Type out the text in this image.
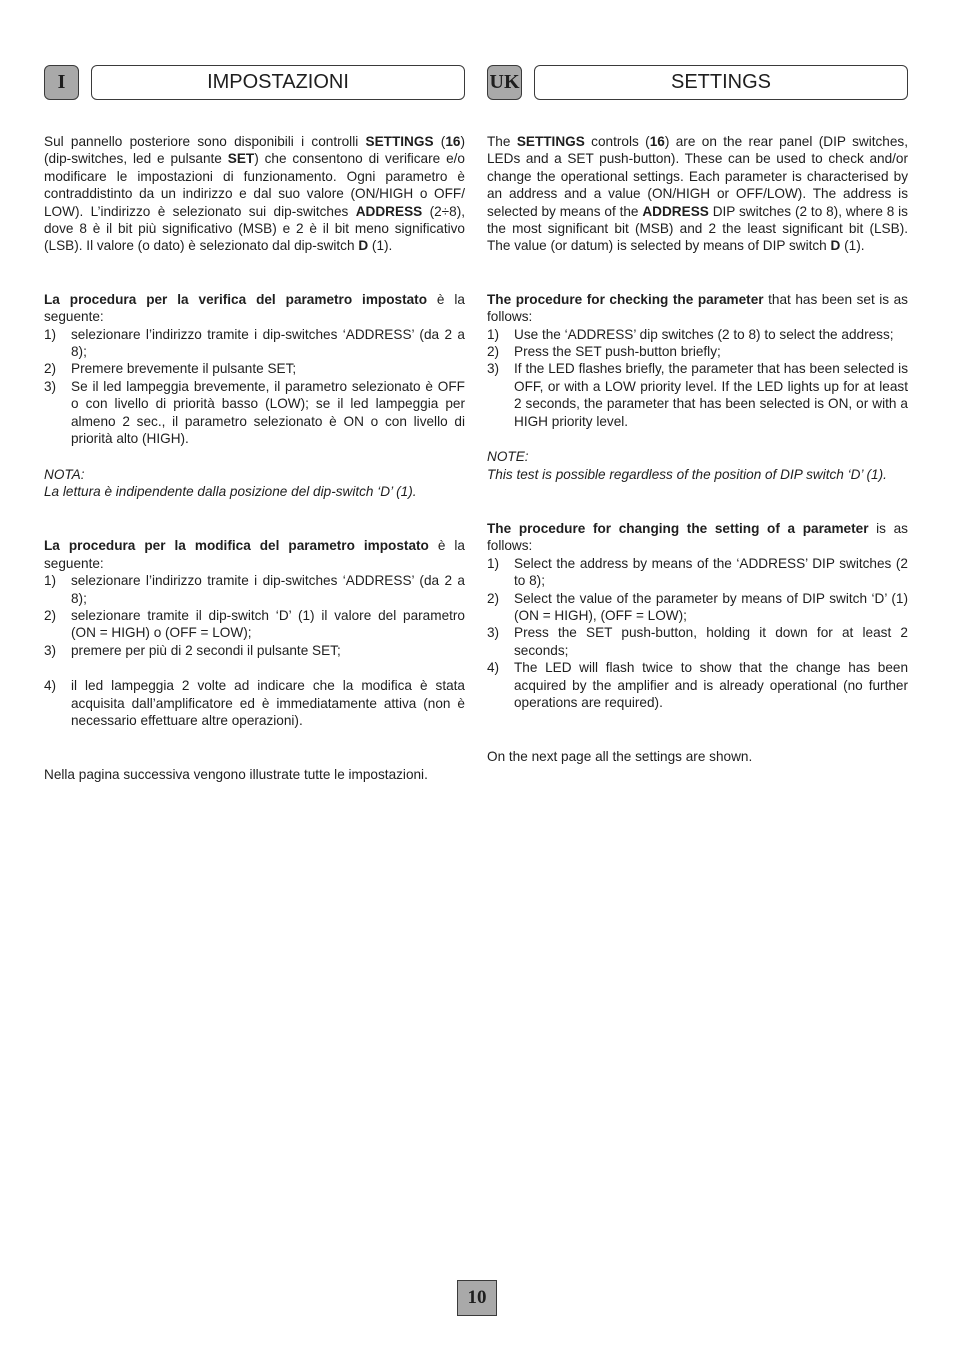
I	IMPOSTAZIONI

Sul pannello posteriore sono disponibili i controlli SETTINGS (16) (dip-switches, led e pulsante SET) che consentono di verificare e/o modificare le impostazioni di funzionamento. Ogni parametro è contraddistinto da un indirizzo e dal suo valore (ON/HIGH o OFF/ LOW). L’indirizzo è selezionato sui dip-switches ADDRESS (2÷8), dove 8 è il bit più significativo (MSB) e 2 è il bit meno significativo (LSB). Il valore (o dato) è selezionato dal dip-switch D (1).

La procedura per la verifica del parametro impostato è la seguente:

1) selezionare l’indirizzo tramite i dip-switches ‘ADDRESS’ (da 2 a 8);
2) Premere brevemente il pulsante SET;
3) Se il led lampeggia brevemente, il parametro selezionato è OFF o con livello di priorità basso (LOW); se il led lampeggia per almeno 2 sec., il parametro selezionato è ON o con livello di priorità alto (HIGH).

NOTA:

La lettura è indipendente dalla posizione del dip-switch ‘D’ (1).

La procedura per la modifica del parametro impostato è la seguente:

1) selezionare l’indirizzo tramite i dip-switches ‘ADDRESS’ (da 2 a 8);
2) selezionare tramite il dip-switch ‘D’ (1) il valore del parametro (ON = HIGH) o (OFF = LOW);
3) premere per più di 2 secondi il pulsante SET;
4) il led lampeggia 2 volte ad indicare che la modifica è stata acquisita dall’amplificatore ed è immediatamente attiva (non è necessario effettuare altre operazioni).

Nella pagina successiva vengono illustrate tutte le impostazioni.

UK	SETTINGS

The SETTINGS controls (16) are on the rear panel (DIP switches, LEDs and a SET push-button). These can be used to check and/or change the operational settings. Each parameter is characterised by an address and a value (ON/HIGH or OFF/LOW). The address is selected by means of the ADDRESS DIP switches (2 to 8), where 8 is the most significant bit (MSB) and 2 the least significant bit (LSB). The value (or datum) is selected by means of DIP switch D (1).

The procedure for checking the parameter that has been set is as follows:

1) Use the ‘ADDRESS’ dip switches (2 to 8) to select the address;
2) Press the SET push-button briefly;
3) If the LED flashes briefly, the parameter that has been selected is OFF, or with a LOW priority level. If the LED lights up for at least 2 seconds, the parameter that has been selected is ON, or with a HIGH priority level.

NOTE:

This test is possible regardless of the position of DIP switch ‘D’ (1).

The procedure for changing the setting of a parameter is as follows:

1) Select the address by means of the ‘ADDRESS’ DIP switches (2 to 8);
2) Select the value of the parameter by means of DIP switch ‘D’ (1) (ON = HIGH), (OFF = LOW);
3) Press the SET push-button, holding it down for at least 2 seconds;
4) The LED will flash twice to show that the change has been acquired by the amplifier and is already operational (no further operations are required).

On the next page all the settings are shown.

10
